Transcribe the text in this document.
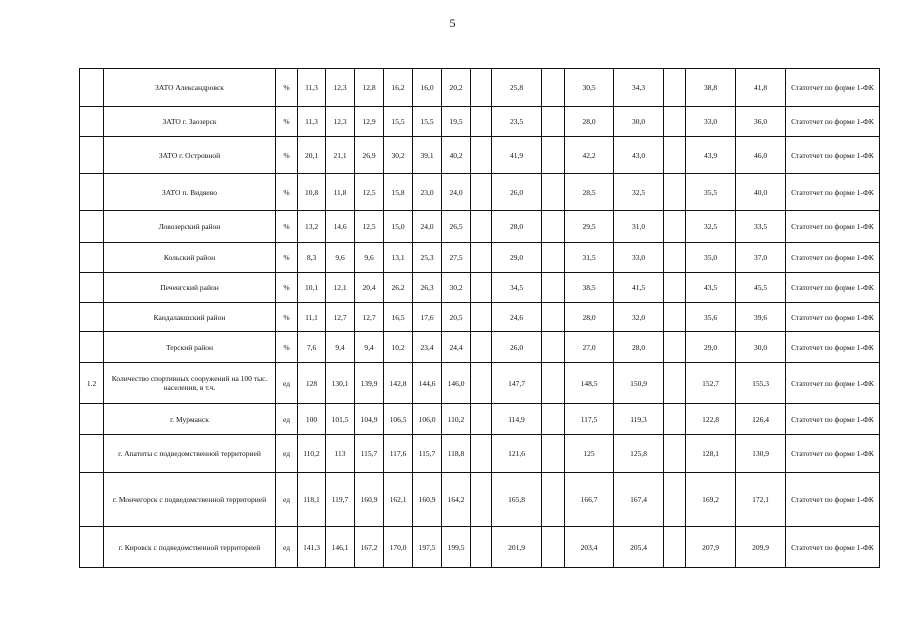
5
	ЗАТО Александровск	%	11,3	12,3	12,8	16,2	16,0	20,2		25,8		30,5	34,3		38,8	41,8	Статотчет по форме 1-ФК
	ЗАТО г. Заозерск	%	11,3	12,3	12,9	15,5	15,5	19,5		23,5		28,0	30,0		33,0	36,0	Статотчет по форме 1-ФК
	ЗАТО г. Островной	%	20,1	21,1	26,9	30,2	39,1	40,2		41,9		42,2	43,0		43,9	46,0	Статотчет по форме 1-ФК
	ЗАТО п. Видяево	%	10,8	11,8	12,5	15,8	23,0	24,0		26,0		28,5	32,5		35,5	40,0	Статотчет по форме 1-ФК
	Ловозерский район	%	13,2	14,6	12,5	15,0	24,0	26,5		28,0		29,5	31,0		32,5	33,5	Статотчет по форме 1-ФК
	Кольский район	%	8,3	9,6	9,6	13,1	25,3	27,5		29,0		31,5	33,0		35,0	37,0	Статотчет по форме 1-ФК
	Печенгский район	%	10,1	12,1	20,4	26,2	26,3	30,2		34,5		38,5	41,5		43,5	45,5	Статотчет по форме 1-ФК
	Кандалакшский район	%	11,1	12,7	12,7	16,5	17,6	20,5		24,6		28,0	32,0		35,6	39,6	Статотчет по форме 1-ФК
	Терский район	%	7,6	9,4	9,4	10,2	23,4	24,4		26,0		27,0	28,0		29,0	30,0	Статотчет по форме 1-ФК
1.2	Количество спортивных сооружений на 100 тыс. населения, в т.ч.	ед	128	130,1	139,9	142,8	144,6	146,0		147,7		148,5	150,9		152,7	155,3	Статотчет по форме 1-ФК
	г. Мурманск	ед	100	101,5	104,9	106,5	106,0	110,2		114,9		117,5	119,3		122,8	126,4	Статотчет по форме 1-ФК
	г. Апатиты с подведомственной территорией	ед	110,2	113	115,7	117,6	115,7	118,8		121,6		125	125,8		128,1	130,9	Статотчет по форме 1-ФК
	г. Мончегорск с подведомственной территорией	ед	118,1	119,7	160,9	162,1	160,9	164,2		165,8		166,7	167,4		169,2	172,1	Статотчет по форме 1-ФК
	г. Кировск с подведомственной территорией	ед	141,3	146,1	167,2	170,0	197,5	199,5		201,9		203,4	205,4		207,9	209,9	Статотчет по форме 1-ФК
